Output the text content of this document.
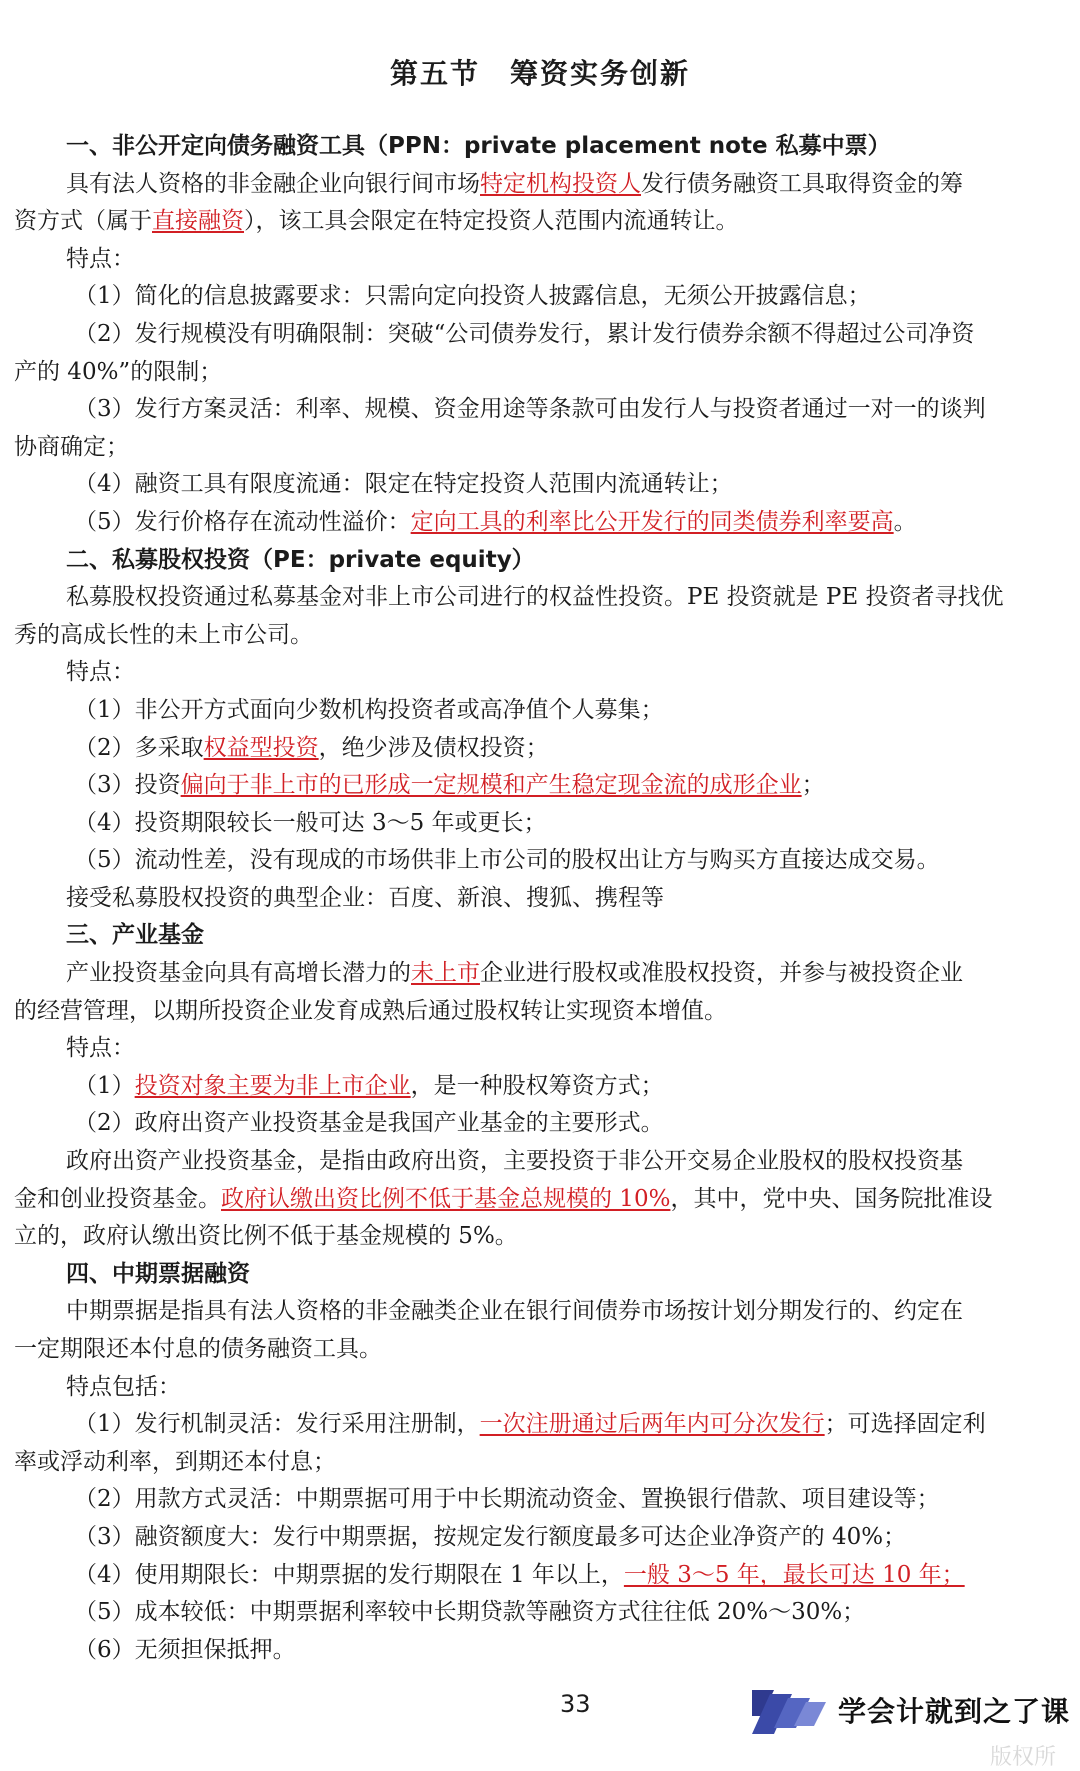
第五节 筹资实务创新
一、非公开定向债务融资工具（PPN：private placement note 私募中票）
具有法人资格的非金融企业向银行间市场特定机构投资人发行债务融资工具取得资金的筹
资方式（属于直接融资），该工具会限定在特定投资人范围内流通转让。
特点：
（1）简化的信息披露要求：只需向定向投资人披露信息，无须公开披露信息；
（2）发行规模没有明确限制：突破“公司债券发行，累计发行债券余额不得超过公司净资
产的 40%”的限制；
（3）发行方案灵活：利率、规模、资金用途等条款可由发行人与投资者通过一对一的谈判
协商确定；
（4）融资工具有限度流通：限定在特定投资人范围内流通转让；
（5）发行价格存在流动性溢价：定向工具的利率比公开发行的同类债券利率要高。
二、私募股权投资（PE：private equity）
私募股权投资通过私募基金对非上市公司进行的权益性投资。PE 投资就是 PE 投资者寻找优
秀的高成长性的未上市公司。
特点：
（1）非公开方式面向少数机构投资者或高净值个人募集；
（2）多采取权益型投资，绝少涉及债权投资；
（3）投资偏向于非上市的已形成一定规模和产生稳定现金流的成形企业；
（4）投资期限较长一般可达 3～5 年或更长；
（5）流动性差，没有现成的市场供非上市公司的股权出让方与购买方直接达成交易。
接受私募股权投资的典型企业：百度、新浪、搜狐、携程等
三、产业基金
产业投资基金向具有高增长潜力的未上市企业进行股权或准股权投资，并参与被投资企业
的经营管理，以期所投资企业发育成熟后通过股权转让实现资本增值。
特点：
（1）投资对象主要为非上市企业，是一种股权筹资方式；
（2）政府出资产业投资基金是我国产业基金的主要形式。
政府出资产业投资基金，是指由政府出资，主要投资于非公开交易企业股权的股权投资基
金和创业投资基金。政府认缴出资比例不低于基金总规模的 10%，其中，党中央、国务院批准设
立的，政府认缴出资比例不低于基金规模的 5%。
四、中期票据融资
中期票据是指具有法人资格的非金融类企业在银行间债券市场按计划分期发行的、约定在
一定期限还本付息的债务融资工具。
特点包括：
（1）发行机制灵活：发行采用注册制，一次注册通过后两年内可分次发行；可选择固定利
率或浮动利率，到期还本付息；
（2）用款方式灵活：中期票据可用于中长期流动资金、置换银行借款、项目建设等；
（3）融资额度大：发行中期票据，按规定发行额度最多可达企业净资产的 40%；
（4）使用期限长：中期票据的发行期限在 1 年以上，一般 3～5 年，最长可达 10 年；
（5）成本较低：中期票据利率较中长期贷款等融资方式往往低 20%～30%；
（6）无须担保抵押。
33	学会计就到之了课
版权所
